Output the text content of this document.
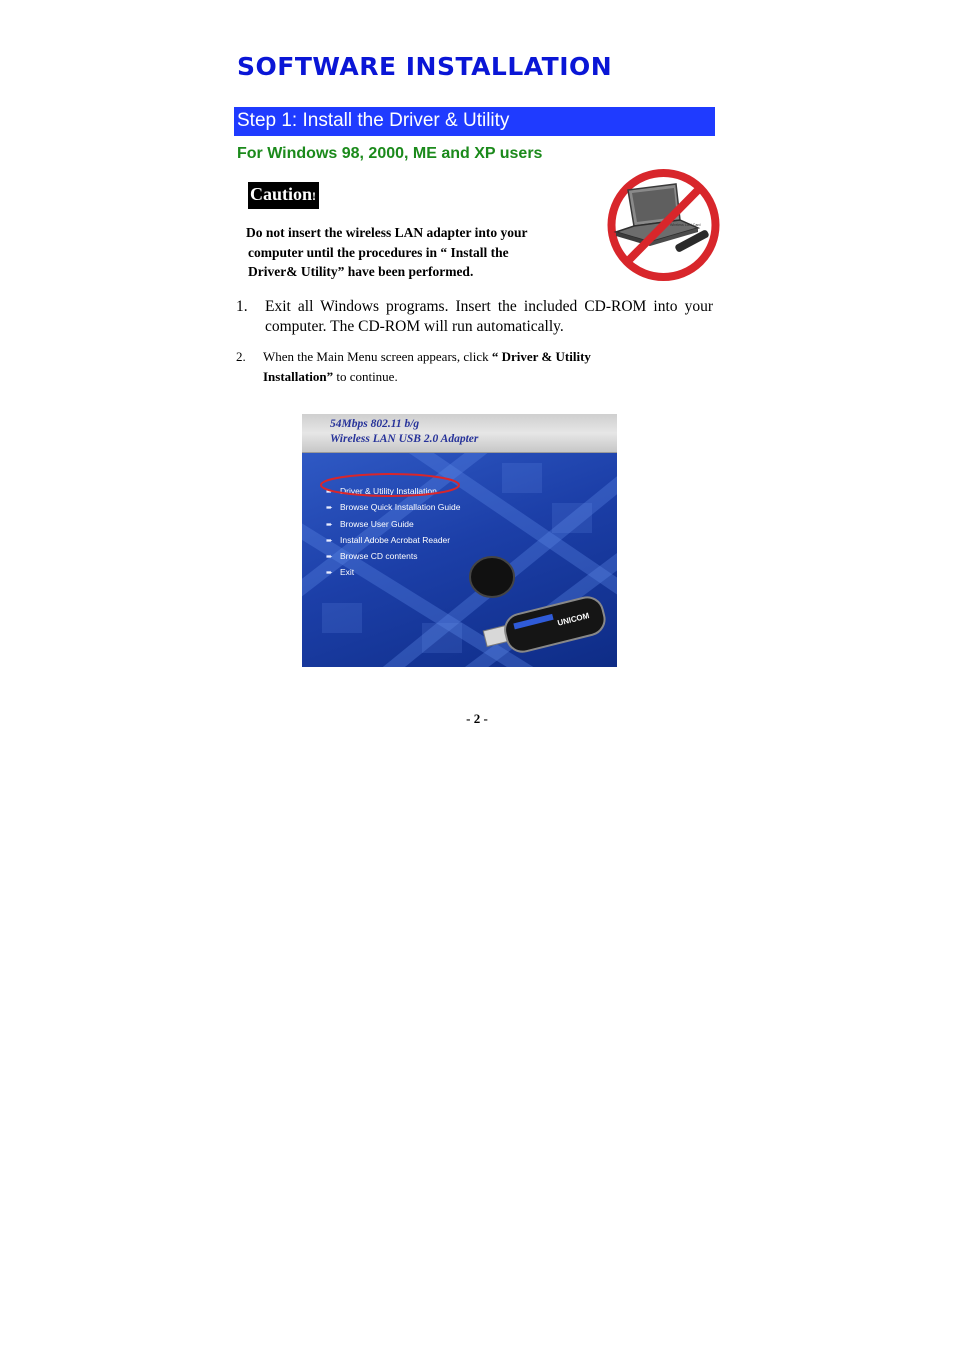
SOFTWARE INSTALLATION
Step 1: Install the Driver & Utility
For Windows 98, 2000, ME and XP users
Caution!
Do not insert the wireless LAN adapter into your
computer until the procedures in “ Install the
Driver& Utility” have been performed.
Wireless LAN Card
1. Exit all Windows programs. Insert the included CD-ROM into your computer. The CD-ROM will run automatically.
2. When the Main Menu screen appears, click “ Driver & Utility
Installation” to continue.
54Mbps 802.11 b/g
Wireless LAN USB 2.0 Adapter
UNICOM
➨ Driver & Utility Installation
➨ Browse Quick Installation Guide
➨ Browse User Guide
➨ Install Adobe Acrobat Reader
➨ Browse CD contents
➨ Exit
- 2 -
